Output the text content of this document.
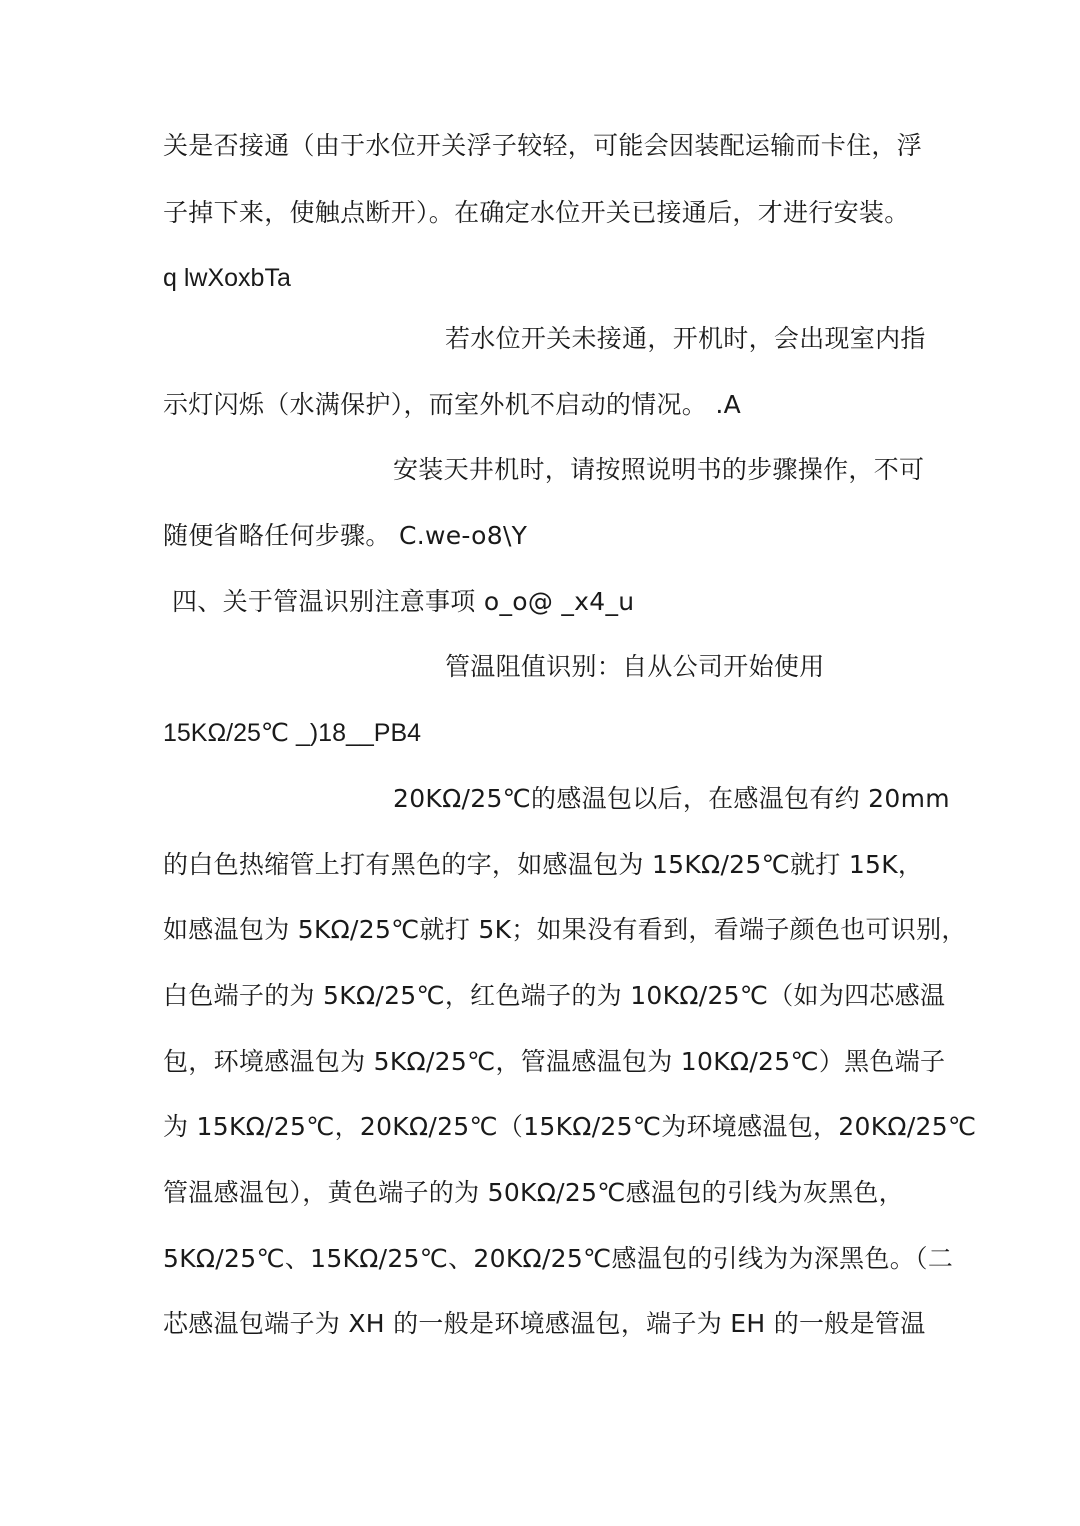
关是否接通（由于水位开关浮子较轻，可能会因装配运输而卡住，浮
子掉下来，使触点断开）。在确定水位开关已接通后，才进行安装。
q lwXoxbTa
若水位开关未接通，开机时，会出现室内指
示灯闪烁（水满保护），而室外机不启动的情况。 .A
安装天井机时，请按照说明书的步骤操作，不可
随便省略任何步骤。 C.we-o8\Y
四、关于管温识别注意事项 o_o@ _x4_u
管温阻值识别：自从公司开始使用
15KΩ/25℃ _)18__PB4
20KΩ/25℃的感温包以后，在感温包有约 20mm
的白色热缩管上打有黑色的字，如感温包为 15KΩ/25℃就打 15K，
如感温包为 5KΩ/25℃就打 5K；如果没有看到，看端子颜色也可识别，
白色端子的为 5KΩ/25℃，红色端子的为 10KΩ/25℃（如为四芯感温
包，环境感温包为 5KΩ/25℃，管温感温包为 10KΩ/25℃）黑色端子
为 15KΩ/25℃，20KΩ/25℃（15KΩ/25℃为环境感温包，20KΩ/25℃
管温感温包），黄色端子的为 50KΩ/25℃感温包的引线为灰黑色，
5KΩ/25℃、15KΩ/25℃、20KΩ/25℃感温包的引线为为深黑色。（二
芯感温包端子为 XH 的一般是环境感温包，端子为 EH 的一般是管温
